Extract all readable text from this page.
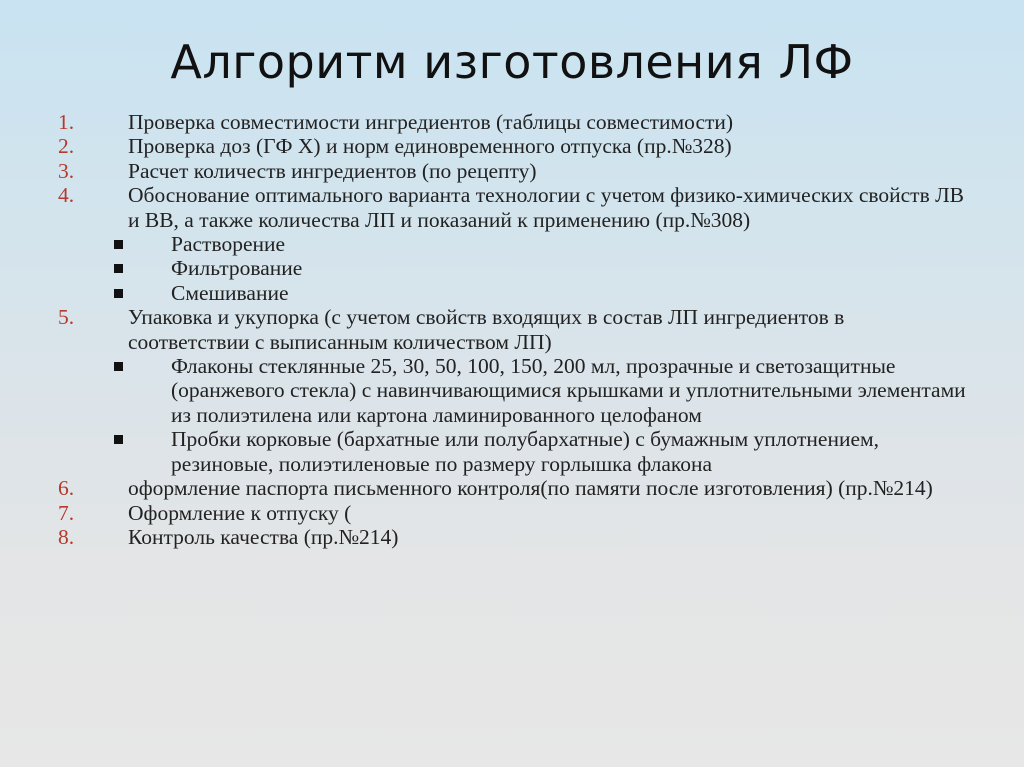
Алгоритм изготовления ЛФ
1.	Проверка совместимости ингредиентов (таблицы совместимости)
2.	Проверка доз (ГФ Х) и норм единовременного отпуска (пр.№328)
3.	Расчет количеств ингредиентов (по рецепту)
4.	Обоснование оптимального варианта технологии с учетом физико-химических свойств ЛВ и ВВ, а также количества ЛП и показаний к применению (пр.№308)
Растворение
Фильтрование
Смешивание
5.	Упаковка и укупорка (с учетом свойств входящих в состав ЛП ингредиентов в соответствии с выписанным количеством ЛП)
Флаконы стеклянные 25, 30, 50, 100, 150, 200 мл, прозрачные и светозащитные (оранжевого стекла) с навинчивающимися крышками и уплотнительными элементами из полиэтилена или картона ламинированного целофаном
Пробки корковые (бархатные или полубархатные) с бумажным уплотнением, резиновые, полиэтиленовые по размеру горлышка флакона
6.	оформление паспорта письменного контроля(по памяти после изготовления) (пр.№214)
7.	Оформление к отпуску (
8.	Контроль качества (пр.№214)
